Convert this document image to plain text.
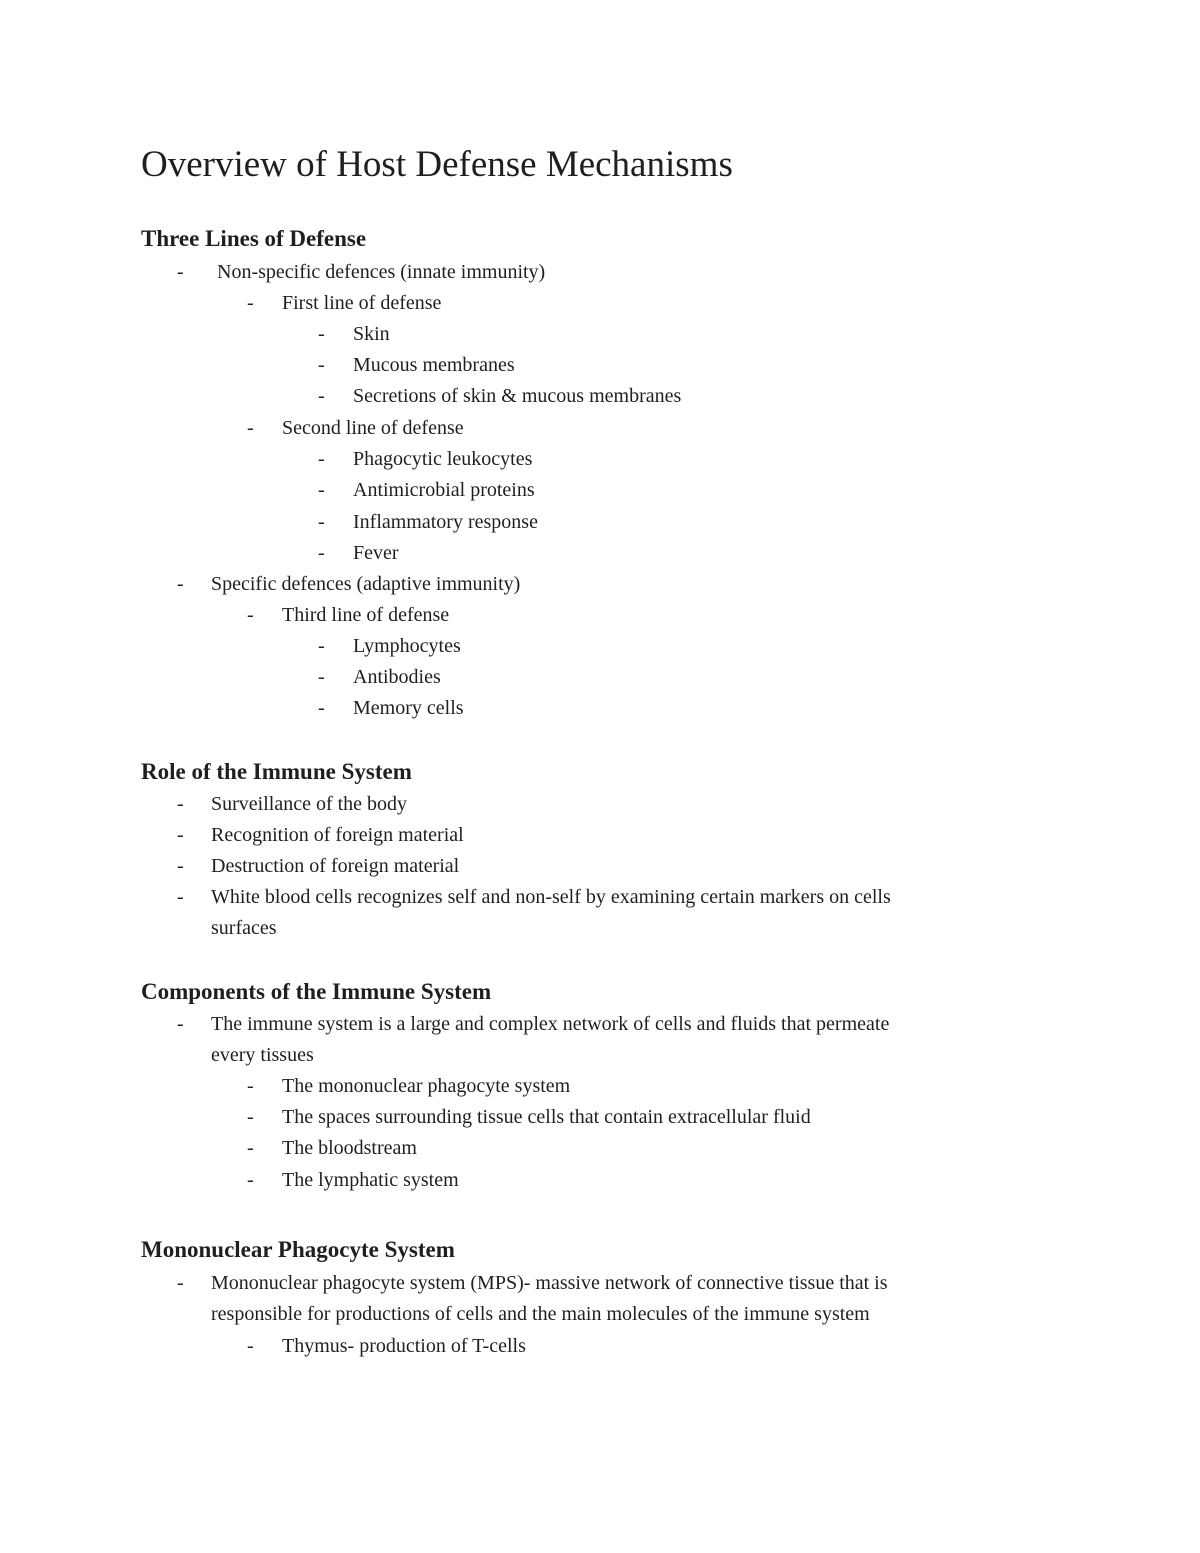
Overview of Host Defense Mechanisms
Three Lines of Defense
- Non-specific defences (innate immunity)
- First line of defense
- Skin
- Mucous membranes
- Secretions of skin & mucous membranes
- Second line of defense
- Phagocytic leukocytes
- Antimicrobial proteins
- Inflammatory response
- Fever
- Specific defences (adaptive immunity)
- Third line of defense
- Lymphocytes
- Antibodies
- Memory cells
Role of the Immune System
- Surveillance of the body
- Recognition of foreign material
- Destruction of foreign material
- White blood cells recognizes self and non-self by examining certain markers on cells
surfaces
Components of the Immune System
- The immune system is a large and complex network of cells and fluids that permeate
every tissues
- The mononuclear phagocyte system
- The spaces surrounding tissue cells that contain extracellular fluid
- The bloodstream
- The lymphatic system
Mononuclear Phagocyte System
- Mononuclear phagocyte system (MPS)- massive network of connective tissue that is
responsible for productions of cells and the main molecules of the immune system
- Thymus- production of T-cells
